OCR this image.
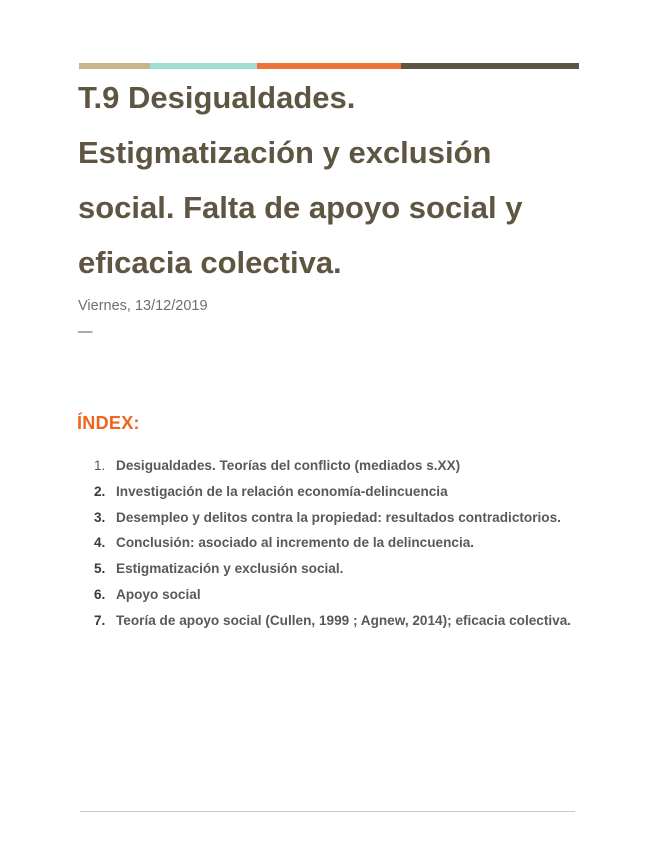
T.9 Desigualdades. Estigmatización y exclusión social. Falta de apoyo social y eficacia colectiva.
Viernes, 13/12/2019
—
ÍNDEX:
1. Desigualdades. Teorías del conflicto (mediados s.XX)
2. Investigación de la relación economía-delincuencia
3. Desempleo y delitos contra la propiedad: resultados contradictorios.
4. Conclusión: asociado al incremento de la delincuencia.
5. Estigmatización y exclusión social.
6. Apoyo social
7. Teoría de apoyo social (Cullen, 1999 ; Agnew, 2014); eficacia colectiva.
